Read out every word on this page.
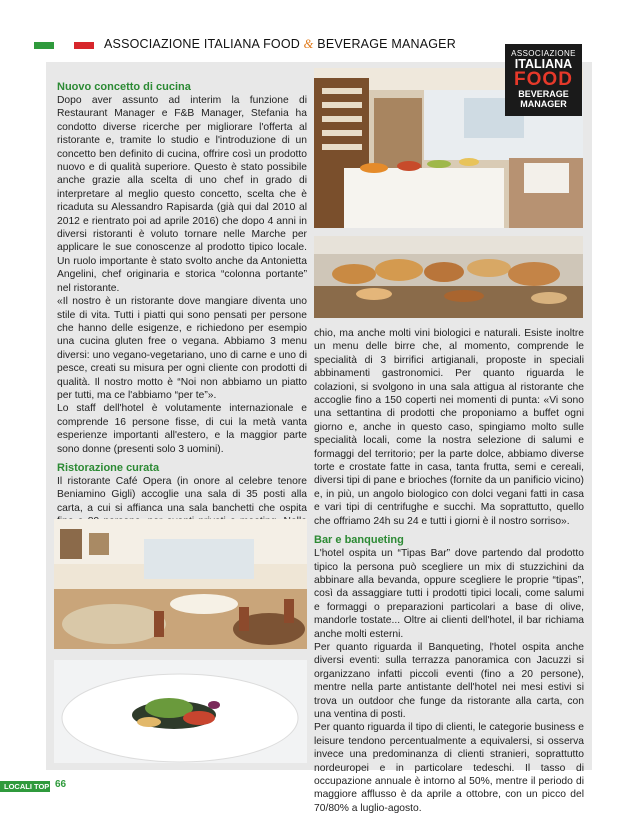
ASSOCIAZIONE ITALIANA FOOD & BEVERAGE MANAGER
ASSOCIAZIONE
ITALIANA
FOOD
BEVERAGE
MANAGER
Nuovo concetto di cucina

Dopo aver assunto ad interim la funzione di Restaurant Manager e F&B Manager, Stefania ha condotto diverse ricerche per migliorare l'offerta al ristorante e, tramite lo studio e l'introduzione di un concetto ben definito di cucina, offrire così un prodotto nuovo e di qualità superiore. Questo è stato possibile anche grazie alla scelta di uno chef in grado di interpretare al meglio questo concetto, scelta che è ricaduta su Alessandro Rapisarda (già qui dal 2010 al 2012 e rientrato poi ad aprile 2016) che dopo 4 anni in diversi ristoranti è voluto tornare nelle Marche per applicare le sue conoscenze al prodotto tipico locale. Un ruolo importante è stato svolto anche da Antonietta Angelini, chef originaria e storica “colonna portante” nel ristorante.

«Il nostro è un ristorante dove mangiare diventa uno stile di vita. Tutti i piatti qui sono pensati per persone che hanno delle esigenze, e richiedono per esempio una cucina gluten free o vegana. Abbiamo 3 menu diversi: uno vegano-vegetariano, uno di carne e uno di pesce, creati su misura per ogni cliente con prodotti di qualità. Il nostro motto è “Noi non abbiamo un piatto per tutti, ma ce l'abbiamo “per te”».

Lo staff dell'hotel è volutamente internazionale e comprende 16 persone fisse, di cui la metà vanta esperienze importanti all'estero, e la maggior parte sono donne (presenti solo 3 uomini).

Ristorazione curata

Il ristorante Café Opera (in onore al celebre tenore Beniamino Gigli) accoglie una sala di 35 posti alla carta, a cui si affianca una sala banchetti che ospita

chio, ma anche molti vini biologici e naturali. Esiste inoltre un menu delle birre che, al momento, comprende le specialità di 3 birrifici artigianali, proposte in speciali abbinamenti gastronomici. Per quanto riguarda le colazioni, si svolgono in una sala attigua al ristorante che accoglie fino a 150 coperti nei momenti di punta: «Vi sono una settantina di prodotti che proponiamo a buffet ogni giorno e, anche in questo caso, spingiamo molto sulle specialità locali, come la nostra selezione di salumi e formaggi del territorio; per la parte dolce, abbiamo diverse torte e crostate fatte in casa, tanta frutta, semi e cereali, diversi tipi di pane e brioches (fornite da un panificio vicino) e, in più, un angolo biologico con dolci vegani fatti in casa e vari tipi di centrifughe e succhi. Ma soprattutto, quello che offriamo 24h su 24 e tutti i giorni è il nostro sorriso».

Bar e banqueting

L'hotel ospita un “Tipas Bar” dove partendo dal prodotto tipico la persona può scegliere un mix di stuzzichini da abbinare alla bevanda, oppure scegliere le proprie “tipas”, così da assaggiare tutti i prodotti tipici locali, come salumi e formaggi o preparazioni particolari a base di olive, mandorle tostate... Oltre ai clienti dell'hotel, il bar richiama anche molti esterni.

Per quanto riguarda il Banqueting, l'hotel ospita anche diversi eventi: sulla terrazza panoramica con Jacuzzi si organizzano infatti piccoli eventi (fino a 20 persone), mentre nella parte antistante dell'hotel nei mesi estivi si trova un outdoor che funge da ristorante alla carta, con una ventina di posti.

Per quanto riguarda il tipo di clienti, le categorie business e leisure tendono percentualmente a equivalersi, si osserva invece una predominanza di clienti stranieri, soprattutto nordeuropei e in particolare tedeschi. Il tasso di occupazione annuale è intorno al 50%, mentre il periodo di maggiore afflusso è da aprile a ottobre, con un picco del 70/80% a luglio-agosto.

LOCALI TOP 66
